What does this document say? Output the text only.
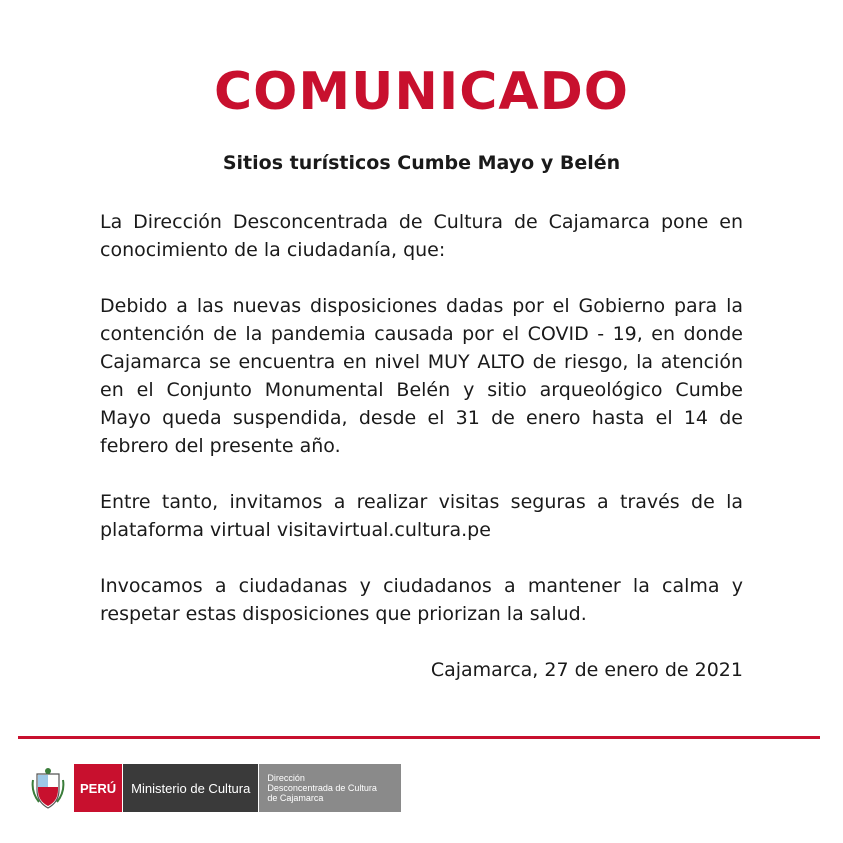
COMUNICADO
Sitios turísticos Cumbe Mayo y Belén

La Dirección Desconcentrada de Cultura de Cajamarca pone en conocimiento de la ciudadanía, que:

Debido a las nuevas disposiciones dadas por el Gobierno para la contención de la pandemia causada por el COVID - 19, en donde Cajamarca se encuentra en nivel MUY ALTO de riesgo, la atención en el Conjunto Monumental Belén y sitio arqueológico Cumbe Mayo queda suspendida, desde el 31 de enero hasta el 14 de febrero del presente año.

Entre tanto, invitamos a realizar visitas seguras a través de la plataforma virtual visitavirtual.cultura.pe

Invocamos a ciudadanas y ciudadanos a mantener la calma y respetar estas disposiciones que priorizan la salud.

Cajamarca, 27 de enero de 2021

PERÚ	Ministerio de Cultura
Dirección
Desconcentrada de Cultura
de Cajamarca
